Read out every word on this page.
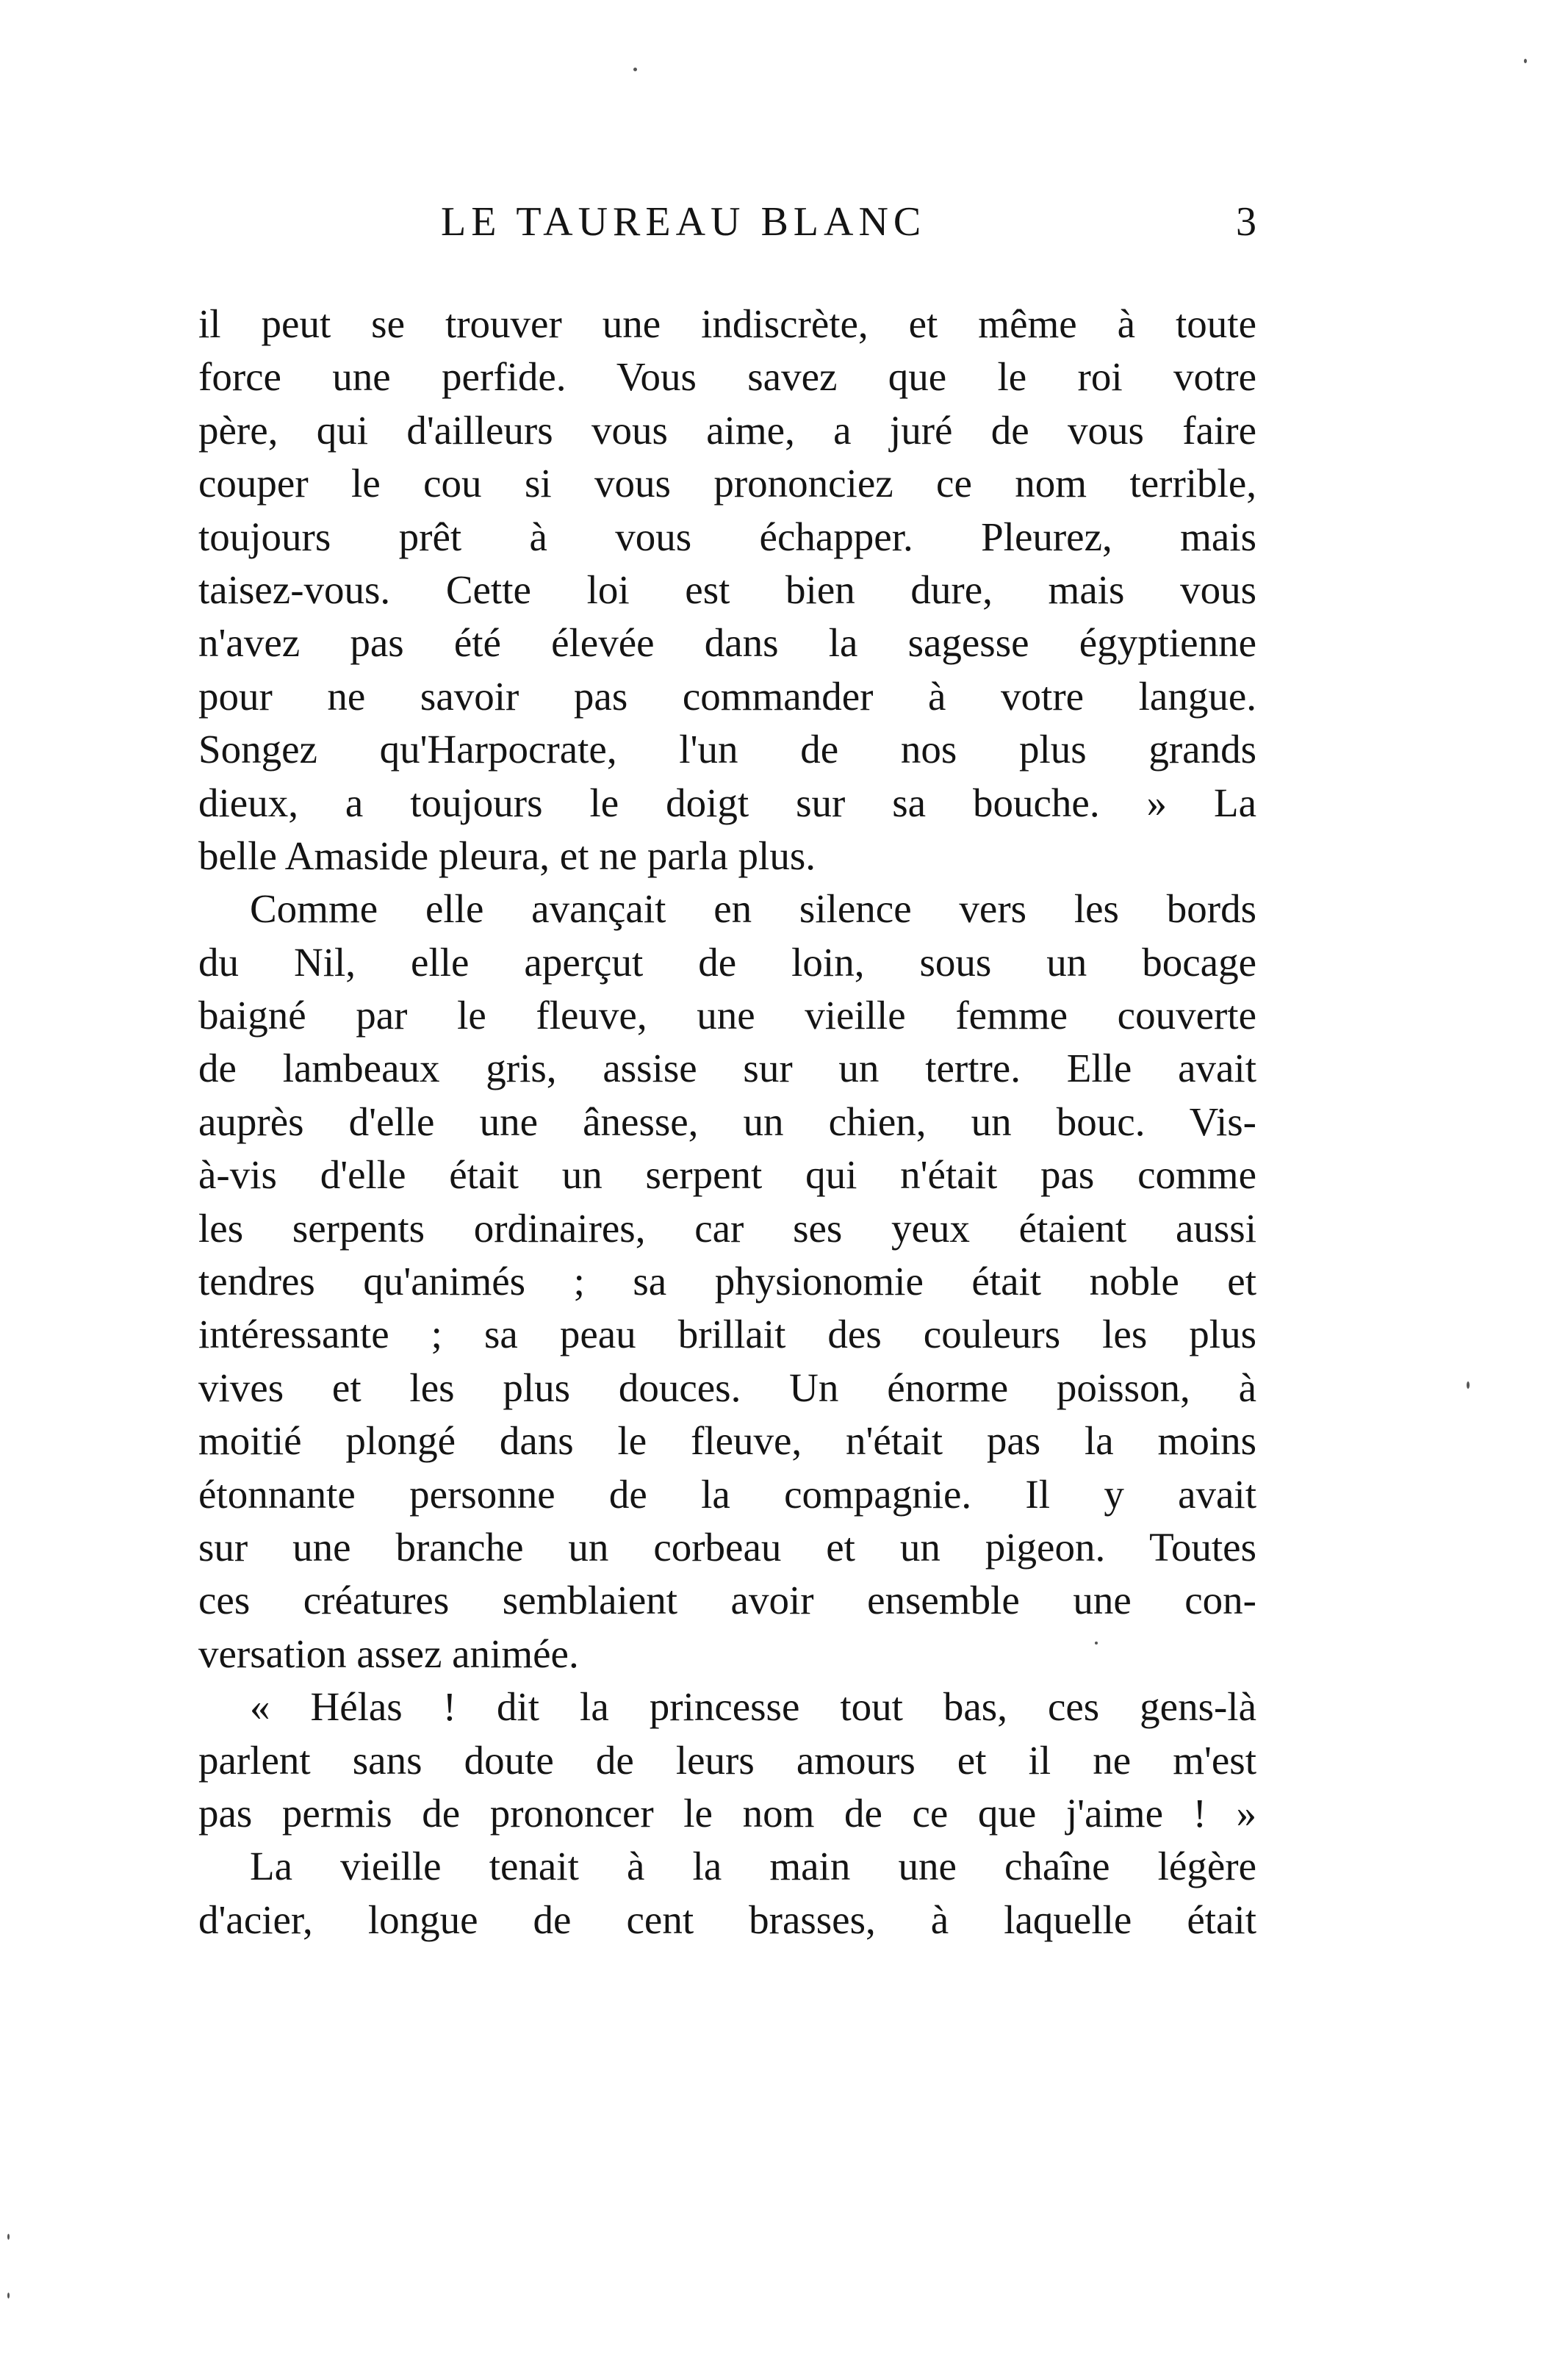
LE TAUREAU BLANC	3
il peut se trouver une indiscrète, et même à toute
force une perfide. Vous savez que le roi votre
père, qui d'ailleurs vous aime, a juré de vous faire
couper le cou si vous prononciez ce nom terrible,
toujours prêt à vous échapper. Pleurez, mais
taisez-vous. Cette loi est bien dure, mais vous
n'avez pas été élevée dans la sagesse égyptienne
pour ne savoir pas commander à votre langue.
Songez qu'Harpocrate, l'un de nos plus grands
dieux, a toujours le doigt sur sa bouche. » La
belle Amaside pleura, et ne parla plus.
Comme elle avançait en silence vers les bords
du Nil, elle aperçut de loin, sous un bocage
baigné par le fleuve, une vieille femme couverte
de lambeaux gris, assise sur un tertre. Elle avait
auprès d'elle une ânesse, un chien, un bouc. Vis-
à-vis d'elle était un serpent qui n'était pas comme
les serpents ordinaires, car ses yeux étaient aussi
tendres qu'animés ; sa physionomie était noble et
intéressante ; sa peau brillait des couleurs les plus
vives et les plus douces. Un énorme poisson, à
moitié plongé dans le fleuve, n'était pas la moins
étonnante personne de la compagnie. Il y avait
sur une branche un corbeau et un pigeon. Toutes
ces créatures semblaient avoir ensemble une con-
versation assez animée.
« Hélas ! dit la princesse tout bas, ces gens-là
parlent sans doute de leurs amours et il ne m'est
pas permis de prononcer le nom de ce que j'aime ! »
La vieille tenait à la main une chaîne légère
d'acier, longue de cent brasses, à laquelle était
